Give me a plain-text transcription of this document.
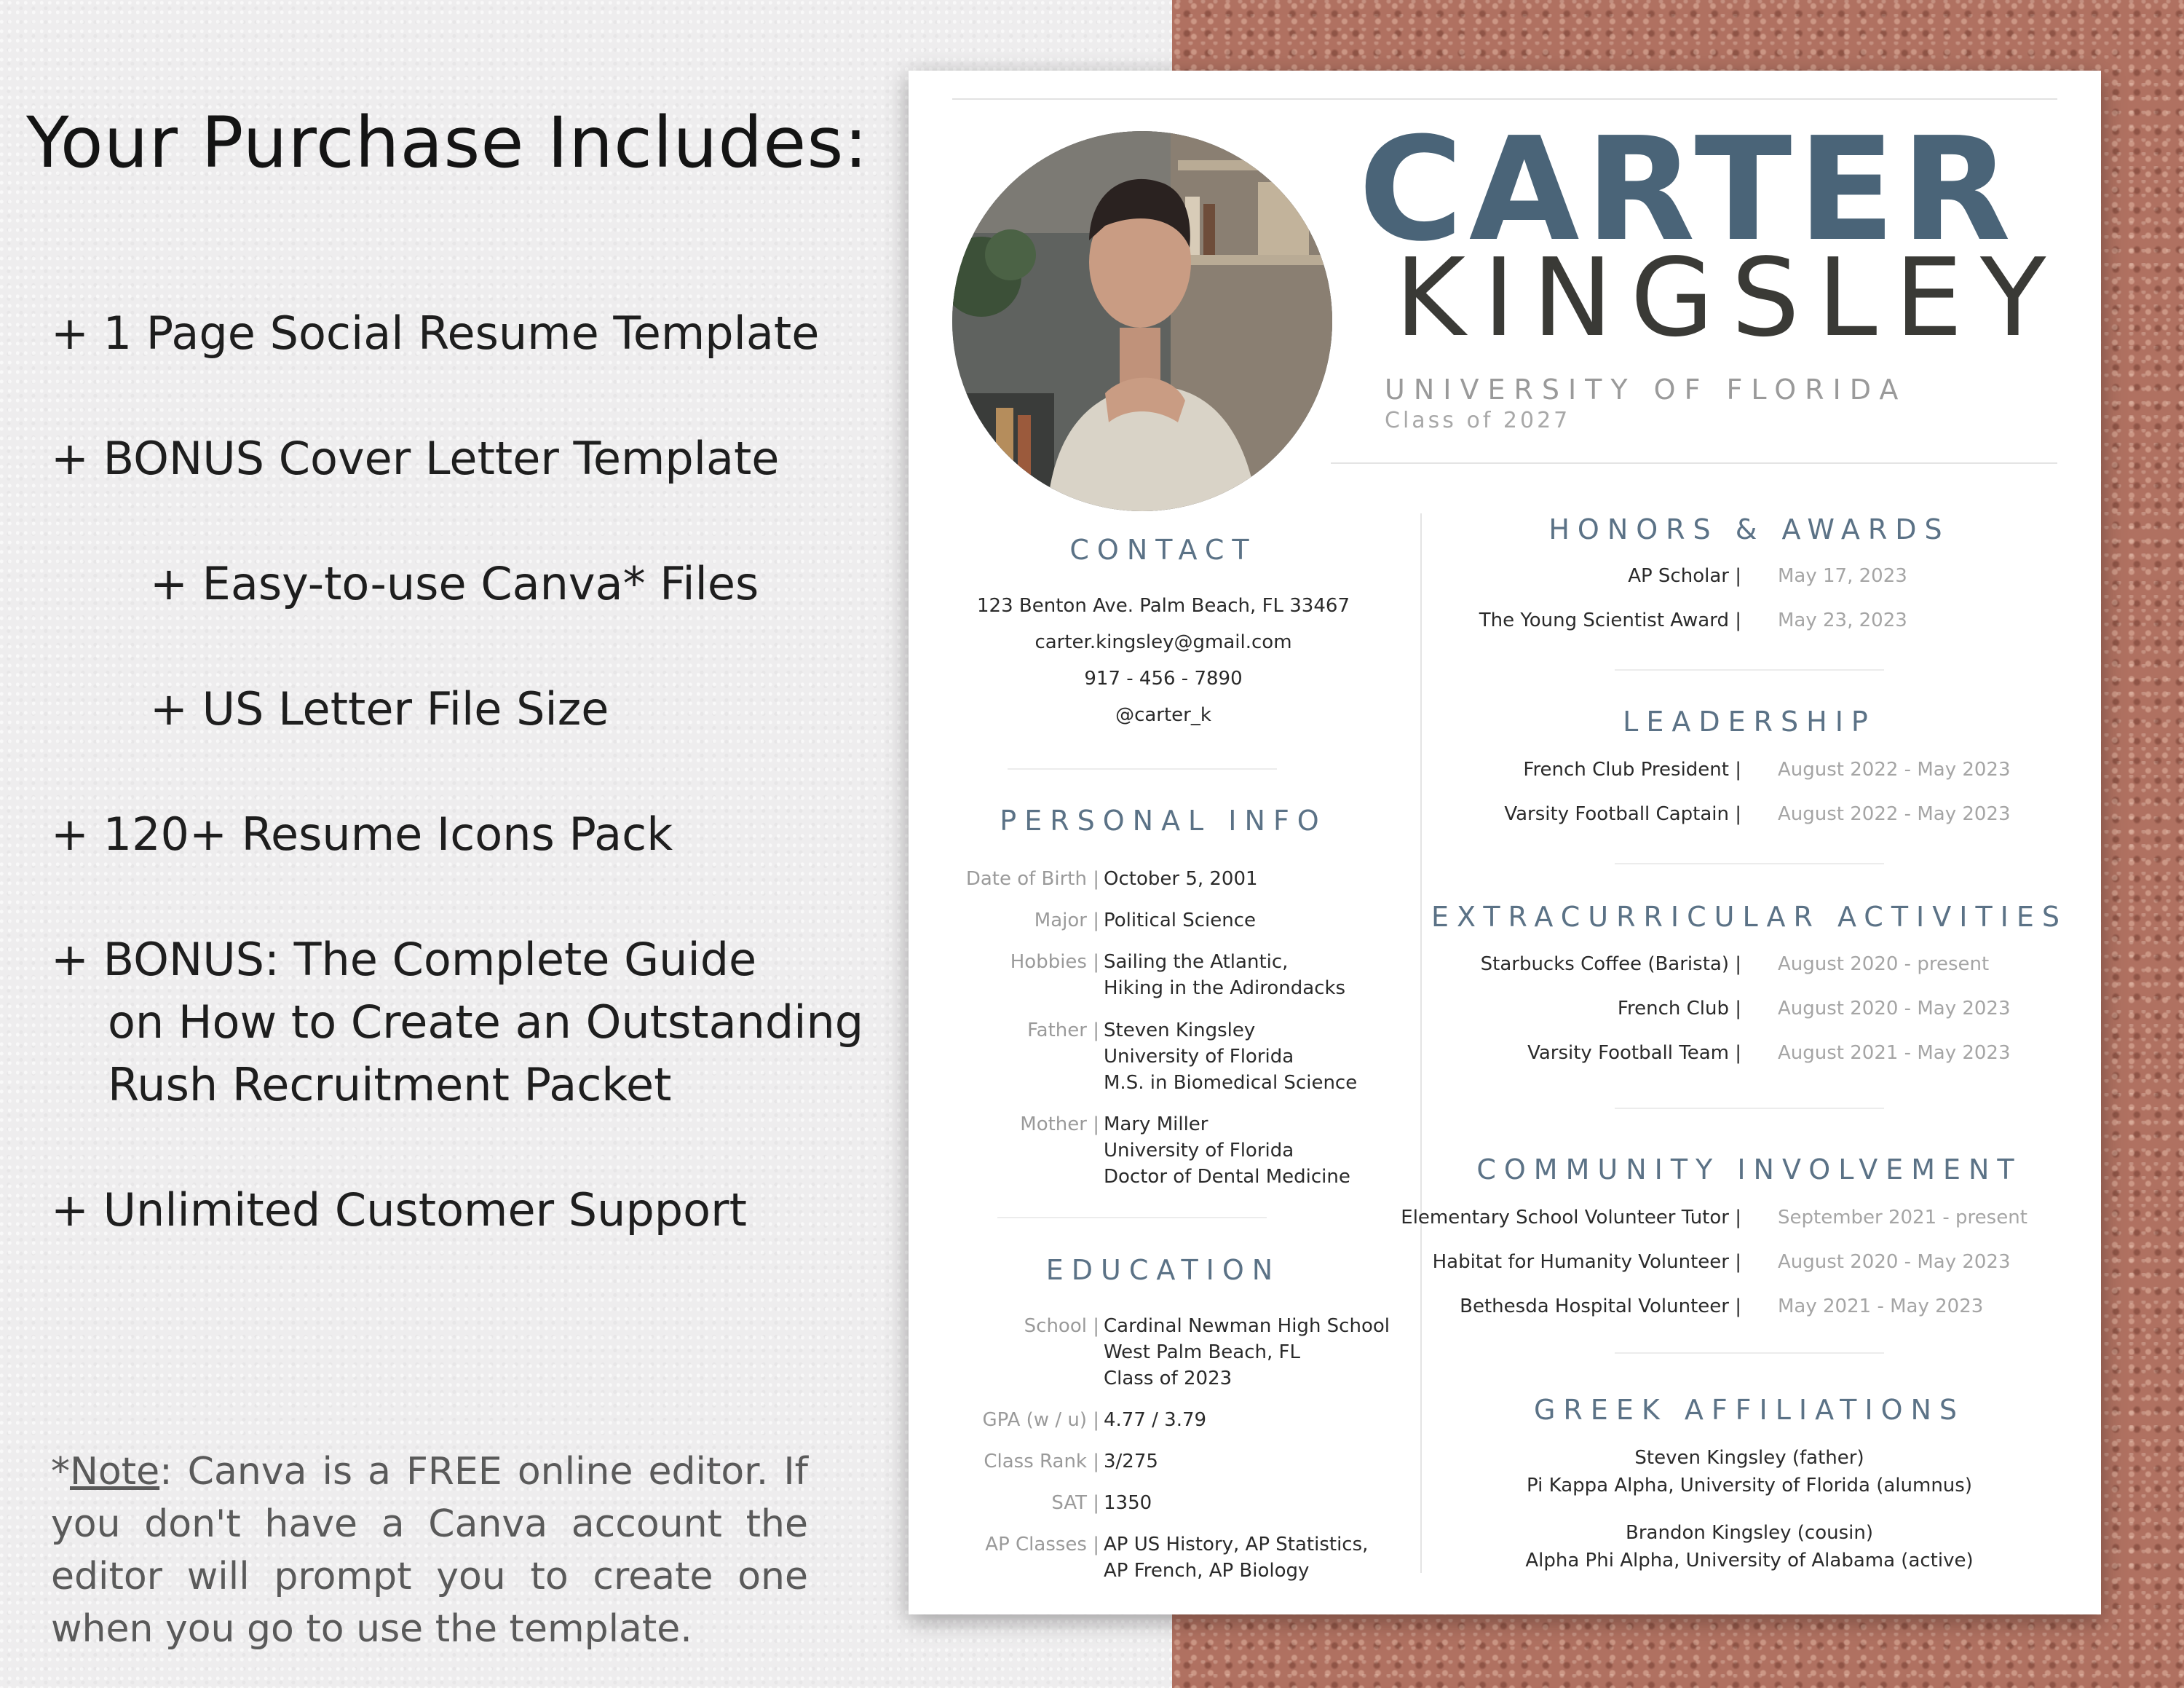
Your Purchase Includes:
+ 1 Page Social Resume Template
+ BONUS Cover Letter Template
+ Easy-to-use Canva* Files
+ US Letter File Size
+ 120+ Resume Icons Pack
+ BONUS: The Complete Guide
on How to Create an Outstanding
Rush Recruitment Packet
+ Unlimited Customer Support
*Note: Canva is a FREE online editor. If you don't have a Canva account the editor will prompt you to create one when you go to use the template.
CARTER
KINGSLEY
UNIVERSITY OF FLORIDA
Class of 2027
CONTACT
123 Benton Ave. Palm Beach, FL 33467
carter.kingsley@gmail.com
917 - 456 - 7890
@carter_k
PERSONAL INFO
Date of Birth | October 5, 2001
Major | Political Science
Hobbies | Sailing the Atlantic,
Hiking in the Adirondacks
Father | Steven Kingsley
University of Florida
M.S. in Biomedical Science
Mother | Mary Miller
University of Florida
Doctor of Dental Medicine
EDUCATION
School | Cardinal Newman High School
West Palm Beach, FL
Class of 2023
GPA (w / u) | 4.77 / 3.79
Class Rank | 3/275
SAT | 1350
AP Classes | AP US History, AP Statistics,
AP French, AP Biology
HONORS & AWARDS
AP Scholar | May 17, 2023
The Young Scientist Award | May 23, 2023
LEADERSHIP
French Club President | August 2022 - May 2023
Varsity Football Captain | August 2022 - May 2023
EXTRACURRICULAR ACTIVITIES
Starbucks Coffee (Barista) | August 2020 - present
French Club | August 2020 - May 2023
Varsity Football Team | August 2021 - May 2023
COMMUNITY INVOLVEMENT
Elementary School Volunteer Tutor | September 2021 - present
Habitat for Humanity Volunteer | August 2020 - May 2023
Bethesda Hospital Volunteer | May 2021 - May 2023
GREEK AFFILIATIONS
Steven Kingsley (father)
Pi Kappa Alpha, University of Florida (alumnus)
Brandon Kingsley (cousin)
Alpha Phi Alpha, University of Alabama (active)
